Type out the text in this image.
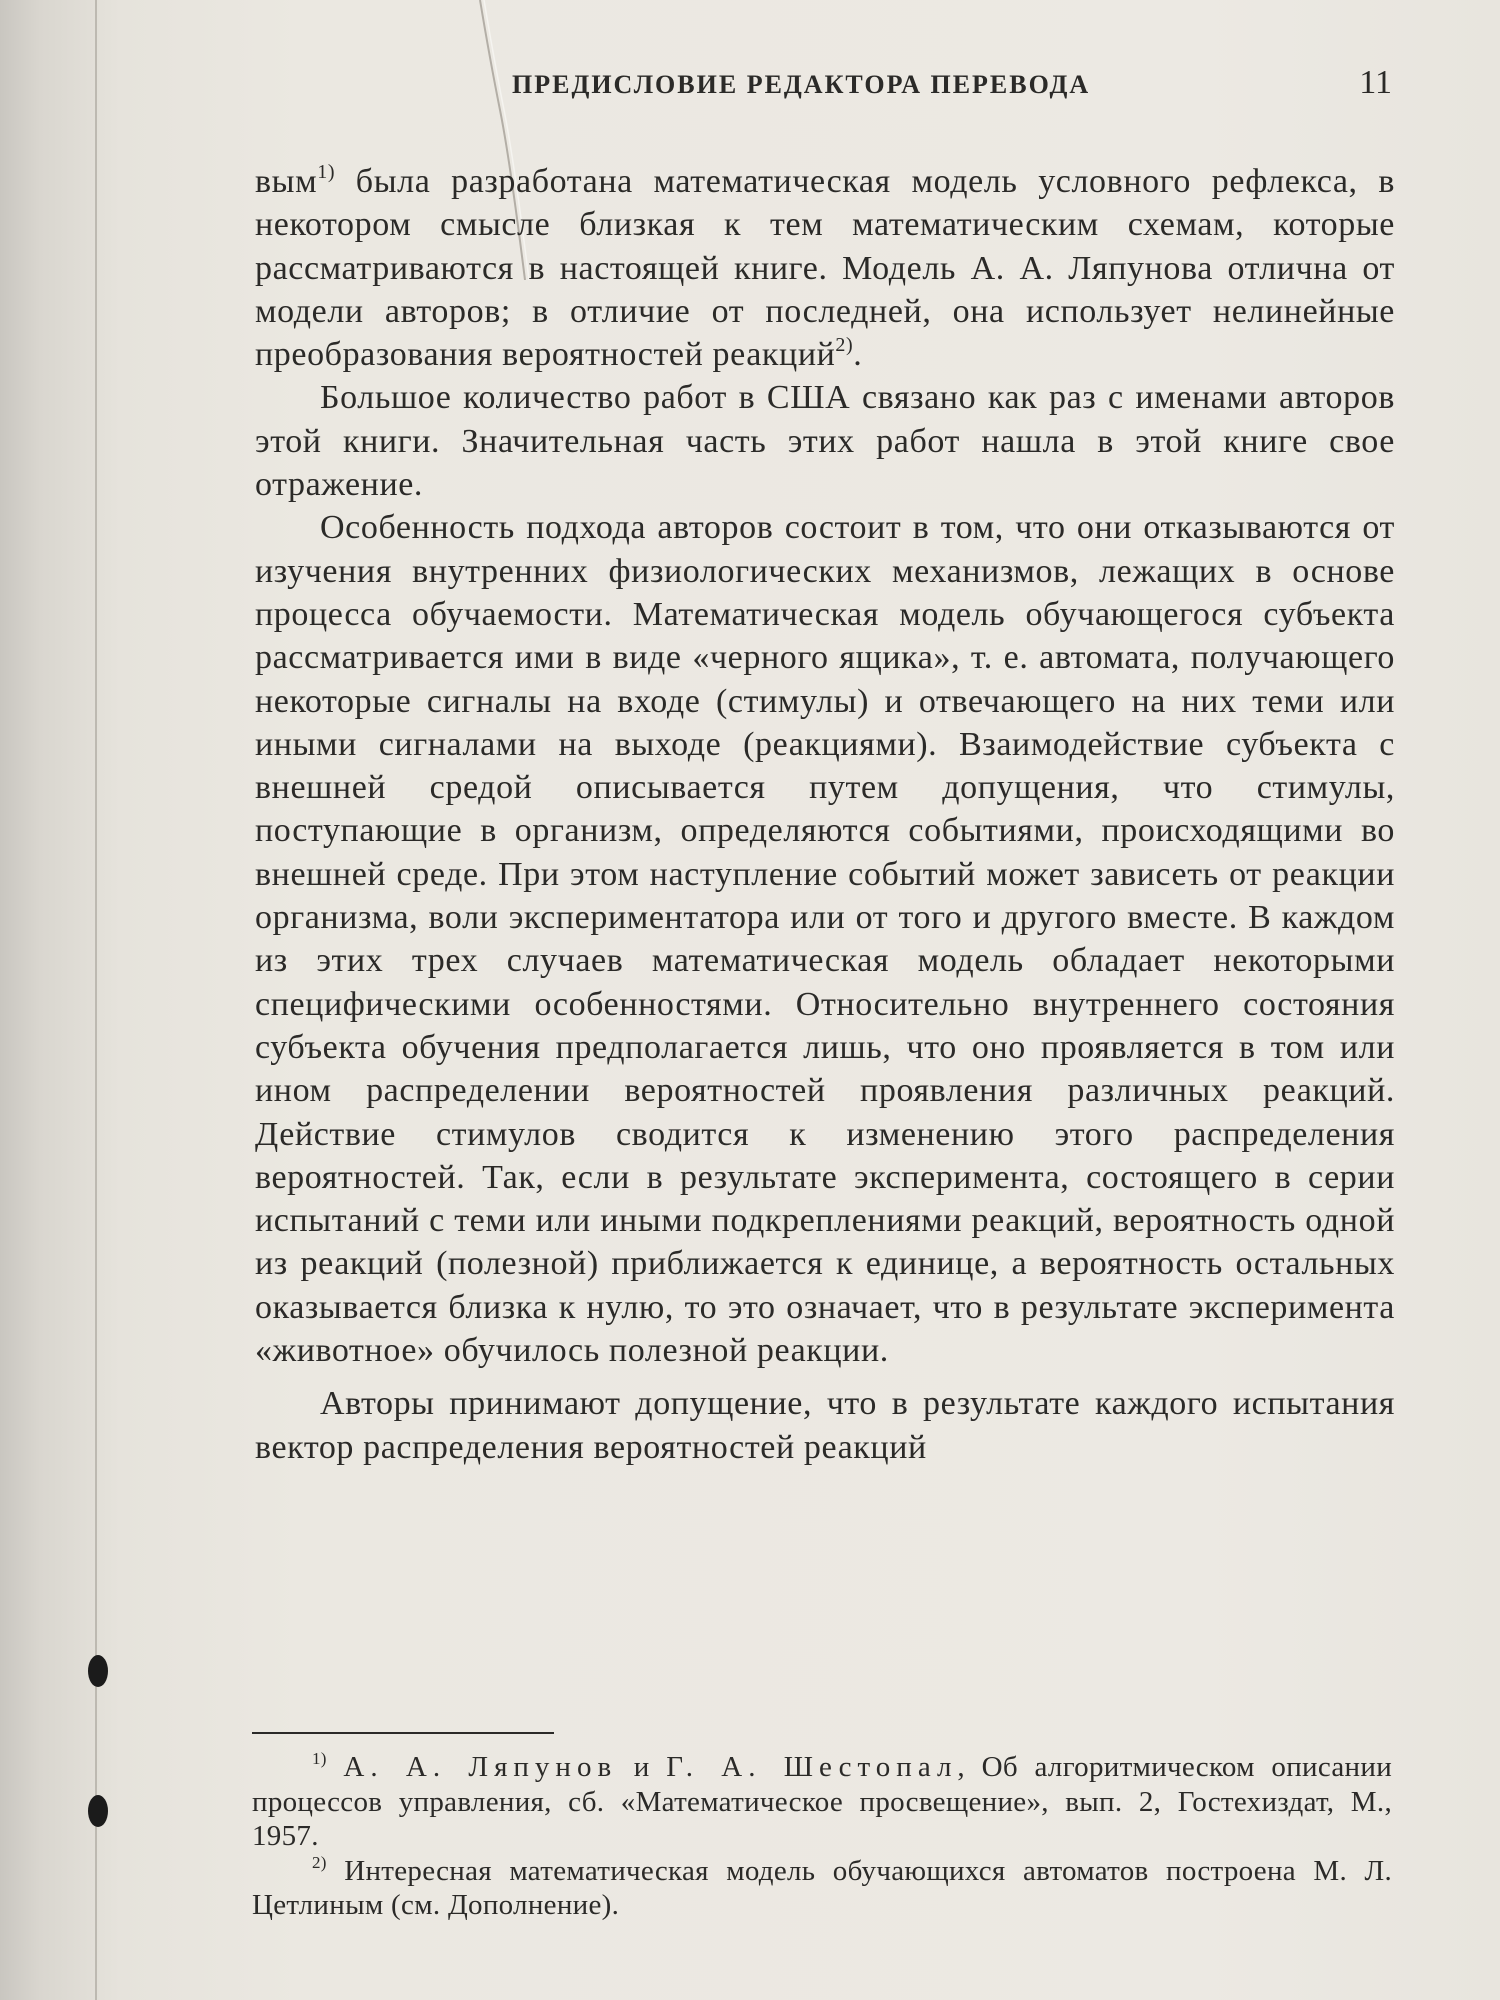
ПРЕДИСЛОВИЕ РЕДАКТОРА ПЕРЕВОДА	11

вым$^{1)}$ была разработана математическая модель условного рефлекса, в некотором смысле близкая к тем математическим схемам, которые рассматриваются в настоящей книге. Модель А. А. Ляпунова отлична от модели авторов; в отличие от последней, она использует нелинейные преобразования вероятностей реакций$^{2)}$.

Большое количество работ в США связано как раз с именами авторов этой книги. Значительная часть этих работ нашла в этой книге свое отражение.

Особенность подхода авторов состоит в том, что они отказываются от изучения внутренних физиологических механизмов, лежащих в основе процесса обучаемости. Математическая модель обучающегося субъекта рассматривается ими в виде «черного ящика», т. е. автомата, получающего некоторые сигналы на входе (стимулы) и отвечающего на них теми или иными сигналами на выходе (реакциями). Взаимодействие субъекта с внешней средой описывается путем допущения, что стимулы, поступающие в организм, определяются событиями, происходящими во внешней среде. При этом наступление событий может зависеть от реакции организма, воли экспериментатора или от того и другого вместе. В каждом из этих трех случаев математическая модель обладает некоторыми специфическими особенностями. Относительно внутреннего состояния субъекта обучения предполагается лишь, что оно проявляется в том или ином распределении вероятностей проявления различных реакций. Действие стимулов сводится к изменению этого распределения вероятностей. Так, если в результате эксперимента, состоящего в серии испытаний с теми или иными подкреплениями реакций, вероятность одной из реакций (полезной) приближается к единице, а вероятность остальных оказывается близка к нулю, то это означает, что в результате эксперимента «животное» обучилось полезной реакции.

Авторы принимают допущение, что в результате каждого испытания вектор распределения вероятностей реакций

$^{1)}$ А. А. Ляпунов и Г. А. Шестопал, Об алгоритмическом описании процессов управления, сб. «Математическое просвещение», вып. 2, Гостехиздат, М., 1957.

$^{2)}$ Интересная математическая модель обучающихся автоматов построена М. Л. Цетлиным (см. Дополнение).
